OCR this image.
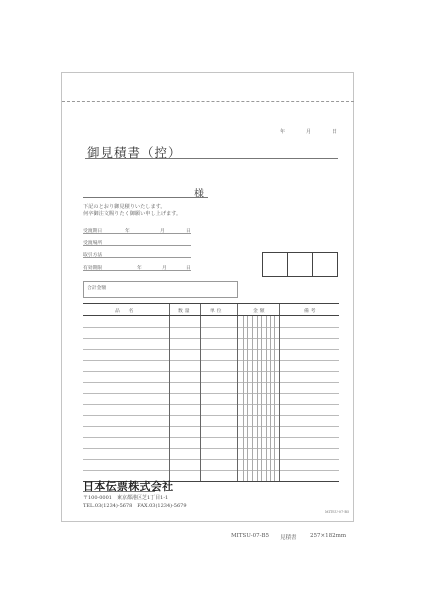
年	月	日
御見積書（控）
様
下記のとおり御見積りいたします。
何卒御注文賜りたく御願い申し上げます。
受渡期日	年	月	日
受渡場所
取引方法
有効期限	年	月	日
合計金額
品　名	数量	単位	金額	備考
日本伝票株式会社
〒100-0001　東京都港区芝1丁目1-1
TEL.03(1234)-5678　FAX.03(1234)-5679
MITSU-07-B5
MITSU-07-B5 見積書 257×182mm
